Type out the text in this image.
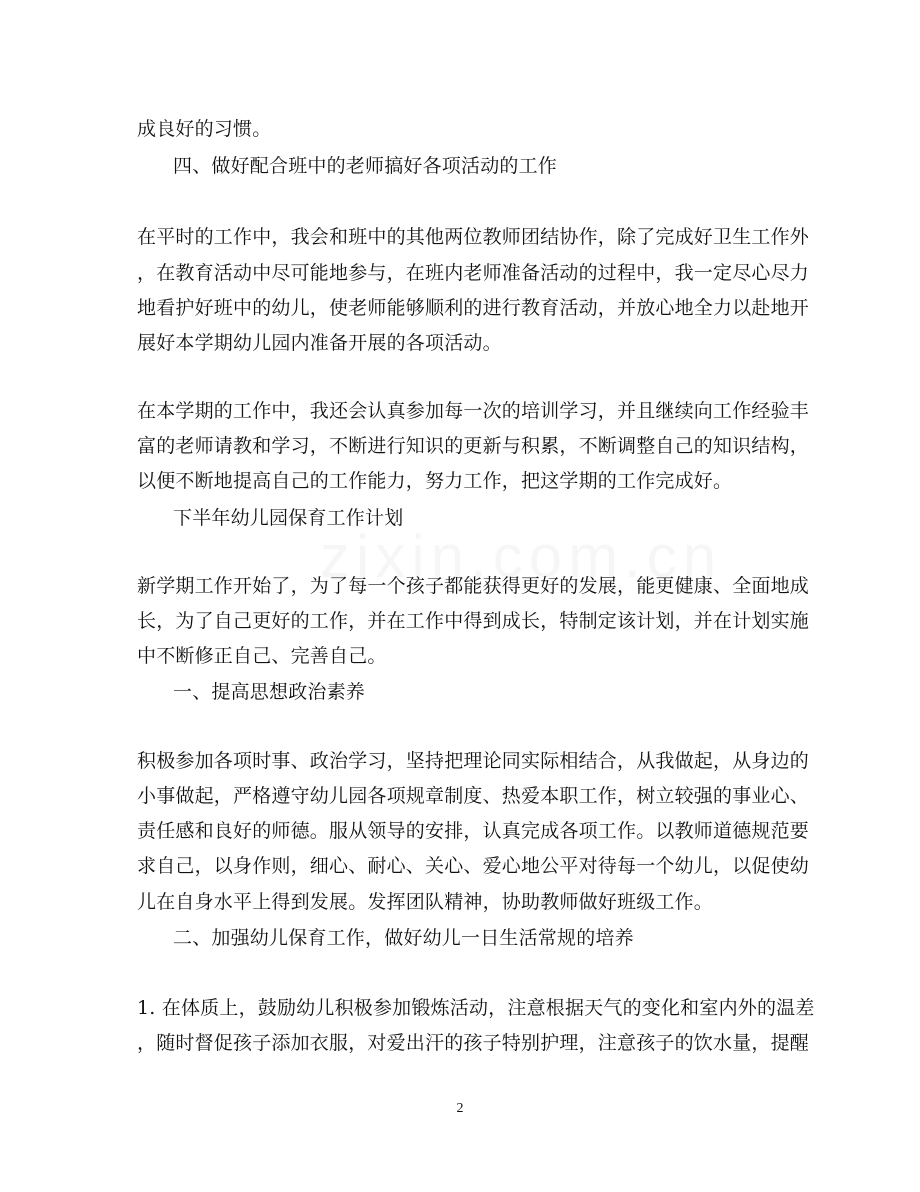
成良好的习惯。
四、做好配合班中的老师搞好各项活动的工作
在平时的工作中，我会和班中的其他两位教师团结协作，除了完成好卫生工作外
，在教育活动中尽可能地参与，在班内老师准备活动的过程中，我一定尽心尽力
地看护好班中的幼儿，使老师能够顺利的进行教育活动，并放心地全力以赴地开
展好本学期幼儿园内准备开展的各项活动。
在本学期的工作中，我还会认真参加每一次的培训学习，并且继续向工作经验丰
富的老师请教和学习，不断进行知识的更新与积累，不断调整自己的知识结构，
以便不断地提高自己的工作能力，努力工作，把这学期的工作完成好。
下半年幼儿园保育工作计划
新学期工作开始了，为了每一个孩子都能获得更好的发展，能更健康、全面地成
长，为了自己更好的工作，并在工作中得到成长，特制定该计划，并在计划实施
中不断修正自己、完善自己。
一、提高思想政治素养
积极参加各项时事、政治学习，坚持把理论同实际相结合，从我做起，从身边的
小事做起，严格遵守幼儿园各项规章制度、热爱本职工作，树立较强的事业心、
责任感和良好的师德。服从领导的安排，认真完成各项工作。以教师道德规范要
求自己，以身作则，细心、耐心、关心、爱心地公平对待每一个幼儿，以促使幼
儿在自身水平上得到发展。发挥团队精神，协助教师做好班级工作。
二、加强幼儿保育工作，做好幼儿一日生活常规的培养
1. 在体质上，鼓励幼儿积极参加锻炼活动，注意根据天气的变化和室内外的温差
，随时督促孩子添加衣服，对爱出汗的孩子特别护理，注意孩子的饮水量，提醒
2
